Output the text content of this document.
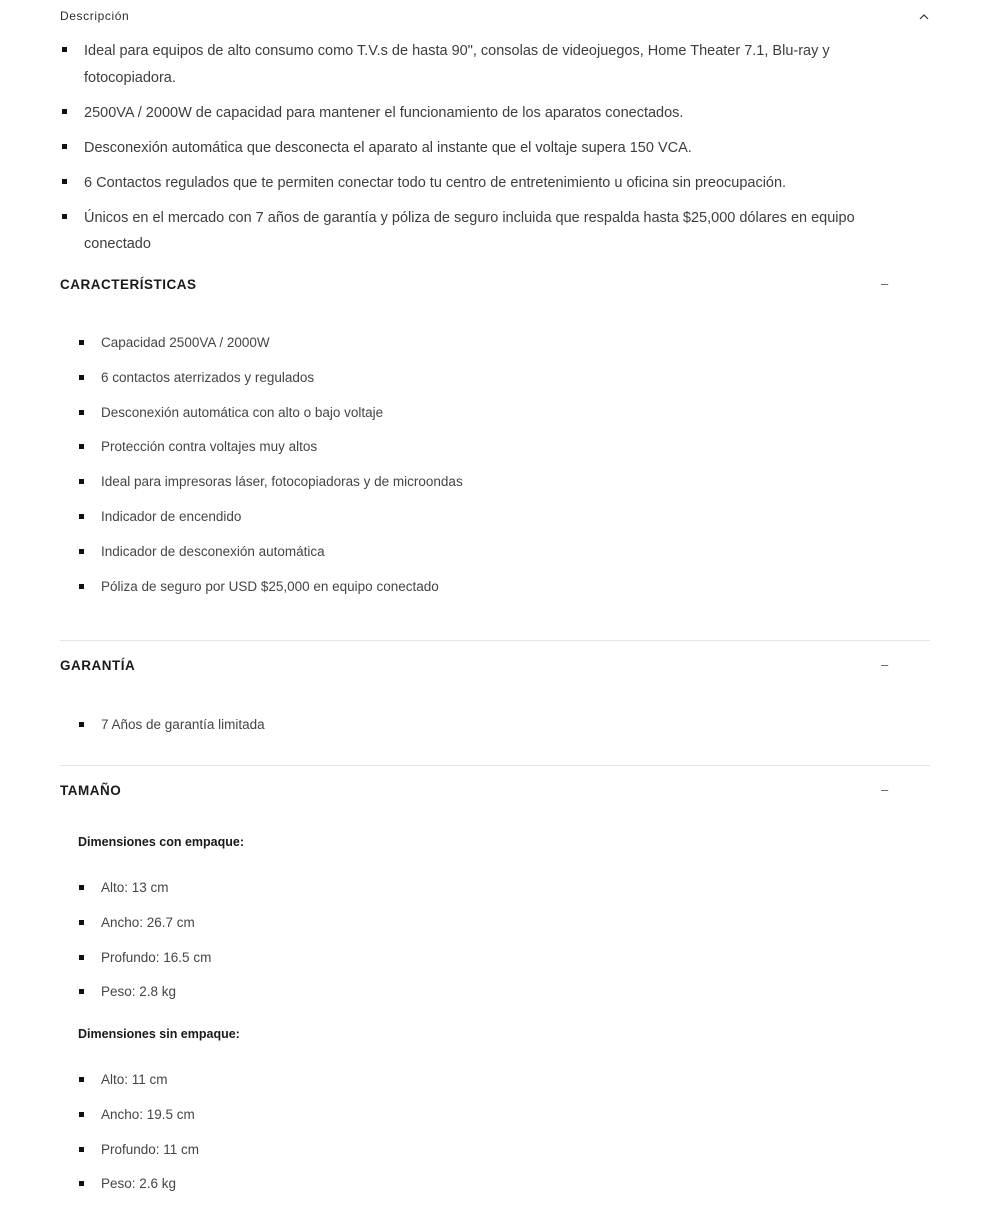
Descripción
Ideal para equipos de alto consumo como T.V.s de hasta 90", consolas de videojuegos, Home Theater 7.1, Blu-ray y fotocopiadora.
2500VA / 2000W de capacidad para mantener el funcionamiento de los aparatos conectados.
Desconexión automática que desconecta el aparato al instante que el voltaje supera 150 VCA.
6 Contactos regulados que te permiten conectar todo tu centro de entretenimiento u oficina sin preocupación.
Únicos en el mercado con 7 años de garantía y póliza de seguro incluida que respalda hasta $25,000 dólares en equipo conectado
CARACTERÍSTICAS	–
Capacidad 2500VA / 2000W
6 contactos aterrizados y regulados
Desconexión automática con alto o bajo voltaje
Protección contra voltajes muy altos
Ideal para impresoras láser, fotocopiadoras y de microondas
Indicador de encendido
Indicador de desconexión automática
Póliza de seguro por USD $25,000 en equipo conectado
GARANTÍA	–
7 Años de garantía limitada
TAMAÑO	–
Dimensiones con empaque:
Alto: 13 cm
Ancho: 26.7 cm
Profundo: 16.5 cm
Peso: 2.8 kg
Dimensiones sin empaque:
Alto: 11 cm
Ancho: 19.5 cm
Profundo: 11 cm
Peso: 2.6 kg
